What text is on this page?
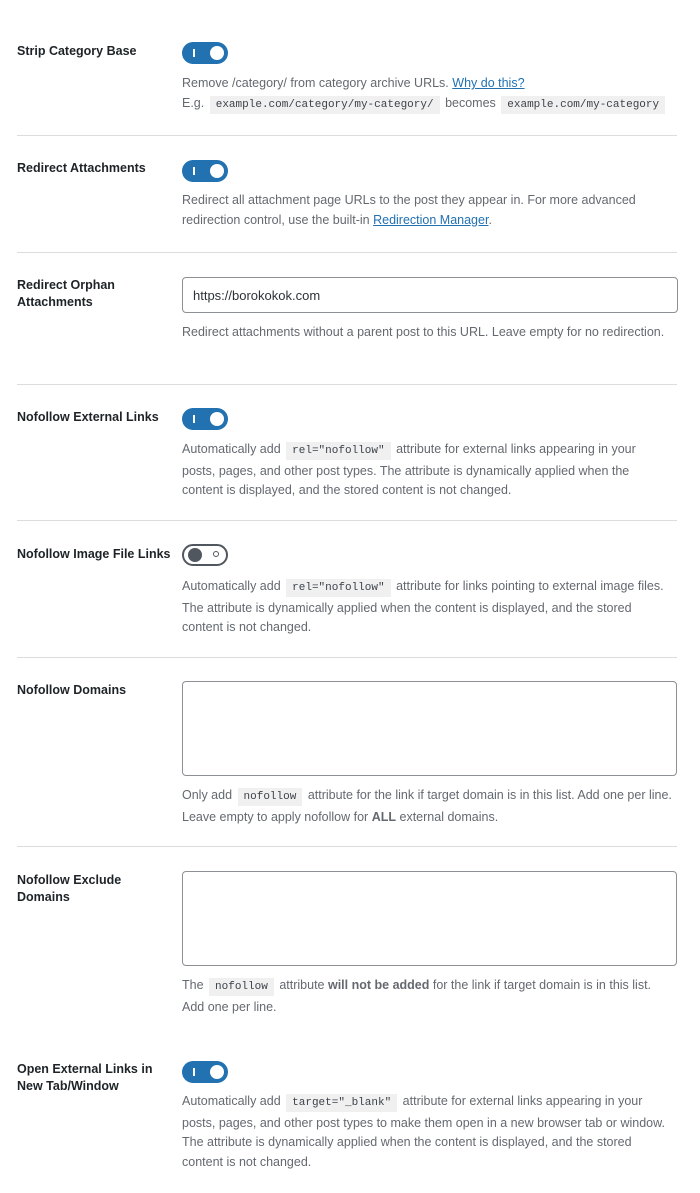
Strip Category Base
Remove /category/ from category archive URLs. Why do this?
E.g. example.com/category/my-category/ becomes example.com/my-category
Redirect Attachments
Redirect all attachment page URLs to the post they appear in. For more advanced redirection control, use the built-in Redirection Manager.
Redirect Orphan Attachments
https://borokokok.com
Redirect attachments without a parent post to this URL. Leave empty for no redirection.
Nofollow External Links
Automatically add rel="nofollow" attribute for external links appearing in your posts, pages, and other post types. The attribute is dynamically applied when the content is displayed, and the stored content is not changed.
Nofollow Image File Links
Automatically add rel="nofollow" attribute for links pointing to external image files. The attribute is dynamically applied when the content is displayed, and the stored content is not changed.
Nofollow Domains
Only add nofollow attribute for the link if target domain is in this list. Add one per line. Leave empty to apply nofollow for ALL external domains.
Nofollow Exclude Domains
The nofollow attribute will not be added for the link if target domain is in this list. Add one per line.
Open External Links in New Tab/Window
Automatically add target="_blank" attribute for external links appearing in your posts, pages, and other post types to make them open in a new browser tab or window. The attribute is dynamically applied when the content is displayed, and the stored content is not changed.
